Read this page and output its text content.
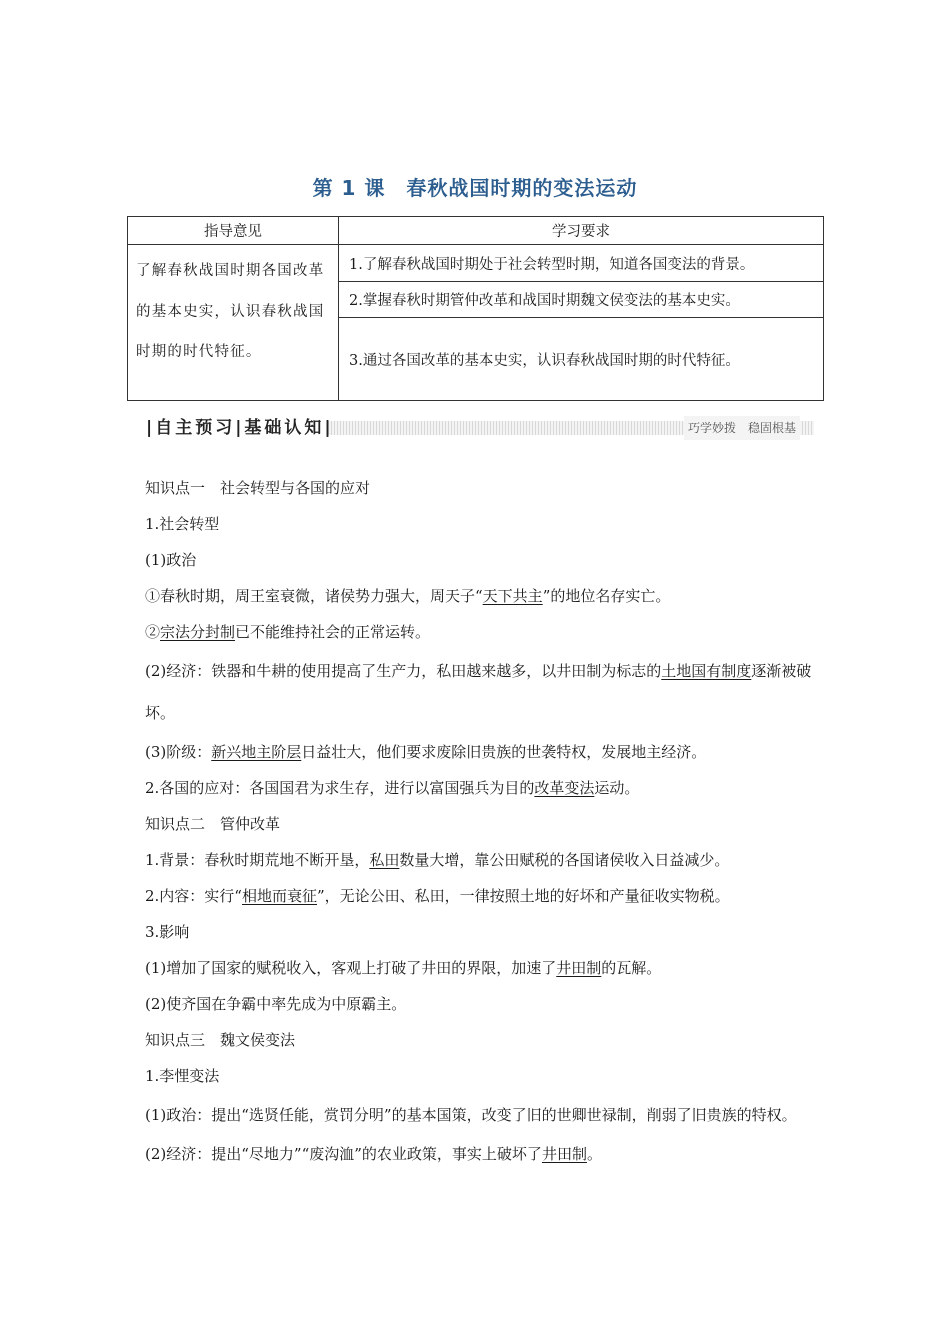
第 1 课　春秋战国时期的变法运动
指导意见	学习要求
了解春秋战国时期各国改革的基本史实，认识春秋战国时期的时代特征。	1.了解春秋战国时期处于社会转型时期，知道各国变法的背景。
	2.掌握春秋时期管仲改革和战国时期魏文侯变法的基本史实。
	3.通过各国改革的基本史实，认识春秋战国时期的时代特征。
|自主预习|基础认知|	巧学妙拨　稳固根基
知识点一　社会转型与各国的应对
1.社会转型
(1)政治
①春秋时期，周王室衰微，诸侯势力强大，周天子“天下共主”的地位名存实亡。
②宗法分封制已不能维持社会的正常运转。
(2)经济：铁器和牛耕的使用提高了生产力，私田越来越多，以井田制为标志的土地国有制度逐渐被破坏。
(3)阶级：新兴地主阶层日益壮大，他们要求废除旧贵族的世袭特权，发展地主经济。
2.各国的应对：各国国君为求生存，进行以富国强兵为目的改革变法运动。
知识点二　管仲改革
1.背景：春秋时期荒地不断开垦，私田数量大增，靠公田赋税的各国诸侯收入日益减少。
2.内容：实行“相地而衰征”，无论公田、私田，一律按照土地的好坏和产量征收实物税。
3.影响
(1)增加了国家的赋税收入，客观上打破了井田的界限，加速了井田制的瓦解。
(2)使齐国在争霸中率先成为中原霸主。
知识点三　魏文侯变法
1.李悝变法
(1)政治：提出“选贤任能，赏罚分明”的基本国策，改变了旧的世卿世禄制，削弱了旧贵族的特权。
(2)经济：提出“尽地力”“废沟洫”的农业政策，事实上破坏了井田制。
